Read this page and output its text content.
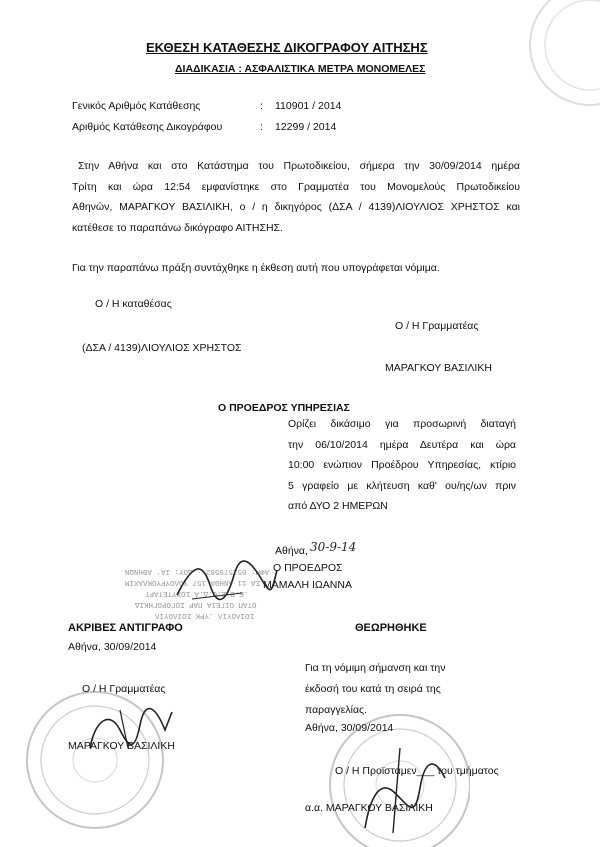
ΕΚΘΕΣΗ ΚΑΤΑΘΕΣΗΣ ΔΙΚΟΓΡΑΦΟΥ ΑΙΤΗΣΗΣ
ΔΙΑΔΙΚΑΣΙΑ : ΑΣΦΑΛΙΣΤΙΚΑ ΜΕΤΡΑ ΜΟΝΟΜΕΛΕΣ
Γενικός Αριθμός Κατάθεσης	: 110901 / 2014
Αριθμός Κατάθεσης Δικογράφου	: 12299 / 2014
Στην Αθήνα και στο Κατάστημα του Πρωτοδικείου, σήμερα την 30/09/2014 ημέρα
Τρίτη και ώρα 12:54 εμφανίστηκε στο Γραμματέα του Μονομελούς Πρωτοδικείου
Αθηνών, ΜΑΡΑΓΚΟΥ ΒΑΣΙΛΙΚΗ, ο / η δικηγόρος (ΔΣΑ / 4139)ΛΙΟΥΛΙΟΣ ΧΡΗΣΤΟΣ και
κατέθεσε το παραπάνω δικόγραφο ΑΙΤΗΣΗΣ.
Για την παραπάνω πράξη συντάχθηκε η έκθεση αυτή που υπογράφεται νόμιμα.
Ο / Η καταθέσας
Ο / Η Γραμματέας
(ΔΣΑ / 4139)ΛΙΟΥΛΙΟΣ ΧΡΗΣΤΟΣ
ΜΑΡΑΓΚΟΥ ΒΑΣΙΛΙΚΗ
Ο ΠΡΟΕΔΡΟΣ ΥΠΗΡΕΣΙΑΣ
Ορίζει δικάσιμο για προσωρινή διαταγή
την 06/10/2014 ημέρα Δευτέρα και ώρα
10:00 ενώπιον Προέδρου Υπηρεσίας, κτίριο
5 γραφείο με κλήτευση καθ' ου/ης/ων πριν
από ΔΥΟ 2 ΗΜΕΡΩΝ
Αθήνα, 30-9-14
Ο ΠΡΟΕΔΡΟΣ
ΜΑΜΑΛΗ ΙΩΑΝΝΑ
ΑΦΜ: 052579582 - ΔΟΥ: ΙΑ' ΑΘΗΝΩΝ
ΣΑ 11 ΑΝΗΘΑ 157 ΥΟΛΟΥΡΥΟΚΛΑΧΙΜ
.Ε.Β.Σ.Ο.Δ.Α ΣΟΧΥΤΕΤΑΡΤ
ΟΤΑΠ ΟΙΓΕΙΑ ΠΑΡ ΣΟΓΟΡΟΓΗΚΙΔ
ΣΟΙΛΟΥΙΛ .ΥΡΚ ΣΟΙΛΟΥΙΛ
ΑΚΡΙΒΕΣ ΑΝΤΙΓΡΑΦΟ
Αθήνα, 30/09/2014
Ο / Η Γραμματέας
ΜΑΡΑΓΚΟΥ ΒΑΣΙΛΙΚΗ
ΘΕΩΡΗΘΗΚΕ
Για τη νόμιμη σήμανση και την
έκδοσή του κατά τη σειρά της
παραγγελίας.
Αθήνα, 30/09/2014
Ο / Η Προϊσταμεν___ του τμήματος
α.α. ΜΑΡΑΓΚΟΥ ΒΑΣΙΛΙΚΗ
